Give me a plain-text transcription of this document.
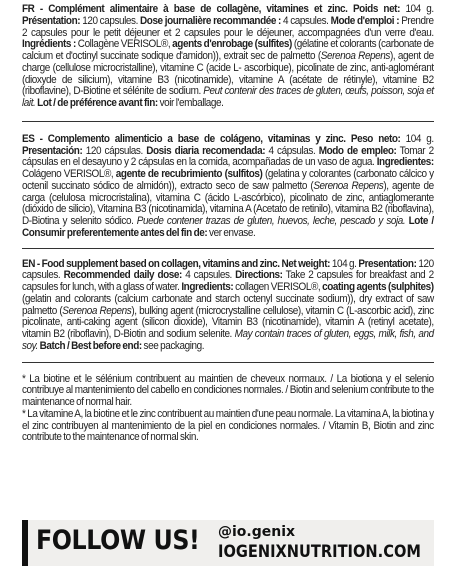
FR - Complément alimentaire à base de collagène, vitamines et zinc. Poids net: 104 g. Présentation: 120 capsules. Dose journalière recommandée : 4 capsules. Mode d'emploi : Prendre 2 capsules pour le petit déjeuner et 2 capsules pour le déjeuner, accompagnées d'un verre d'eau. Ingrédients : Collagène VERISOL®, agents d'enrobage (sulfites) (gélatine et colorants (carbonate de calcium et d'octinyl succinate sodique d'amidon)), extrait sec de palmetto (Serenoa Repens), agent de charge (cellulose microcristalline), vitamine C (acide L- ascorbique), picolinate de zinc, anti-aglomérant (dioxyde de silicium), vitamine B3 (nicotinamide), vitamine A (acétate de rétinyle), vitamine B2 (riboflavine), D-Biotine et sélénite de sodium. Peut contenir des traces de gluten, œufs, poisson, soja et lait. Lot / de préférence avant fin: voir l'emballage.
ES - Complemento alimenticio a base de colágeno, vitaminas y zinc. Peso neto: 104 g. Presentación: 120 cápsulas. Dosis diaria recomendada: 4 cápsulas. Modo de empleo: Tomar 2 cápsulas en el desayuno y 2 cápsulas en la comida, acompañadas de un vaso de agua. Ingredientes: Colágeno VERISOL®, agente de recubrimiento (sulfitos) (gelatina y colorantes (carbonato cálcico y octenil succinato sódico de almidón)), extracto seco de saw palmetto (Serenoa Repens), agente de carga (celulosa microcristalina), vitamina C (ácido L-ascórbico), picolinato de zinc, antiaglomerante (dióxido de silicio), Vitamina B3 (nicotinamida), vitamina A (Acetato de retinilo), vitamina B2 (riboflavina), D-Biotina y selenito sódico. Puede contener trazas de gluten, huevos, leche, pescado y soja. Lote / Consumir preferentemente antes del fin de: ver envase.
EN - Food supplement based on collagen, vitamins and zinc. Net weight: 104 g. Presentation: 120 capsules. Recommended daily dose: 4 capsules. Directions: Take 2 capsules for breakfast and 2 capsules for lunch, with a glass of water. Ingredients: collagen VERISOL®, coating agents (sulphites) (gelatin and colorants (calcium carbonate and starch octenyl succinate sodium)), dry extract of saw palmetto (Serenoa Repens), bulking agent (microcrystalline cellulose), vitamin C (L-ascorbic acid), zinc picolinate, anti-caking agent (silicon dioxide), Vitamin B3 (nicotinamide), vitamin A (retinyl acetate), vitamin B2 (riboflavin), D-Biotin and sodium selenite. May contain traces of gluten, eggs, milk, fish, and soy. Batch / Best before end: see packaging.
* La biotine et le sélénium contribuent au maintien de cheveux normaux. / La biotiona y el selenio contribuye al mantenimiento del cabello en condiciones normales. / Biotin and selenium contribute to the maintenance of normal hair.
* La vitamine A, la biotine et le zinc contribuent au maintien d'une peau normale. La vitamina A, la biotina y el zinc contribuyen al mantenimiento de la piel en condiciones normales. / Vitamin B, Biotin and zinc contribute to the maintenance of normal skin.
FOLLOW US! @io.genix
IOGENIXNUTRITION.COM
